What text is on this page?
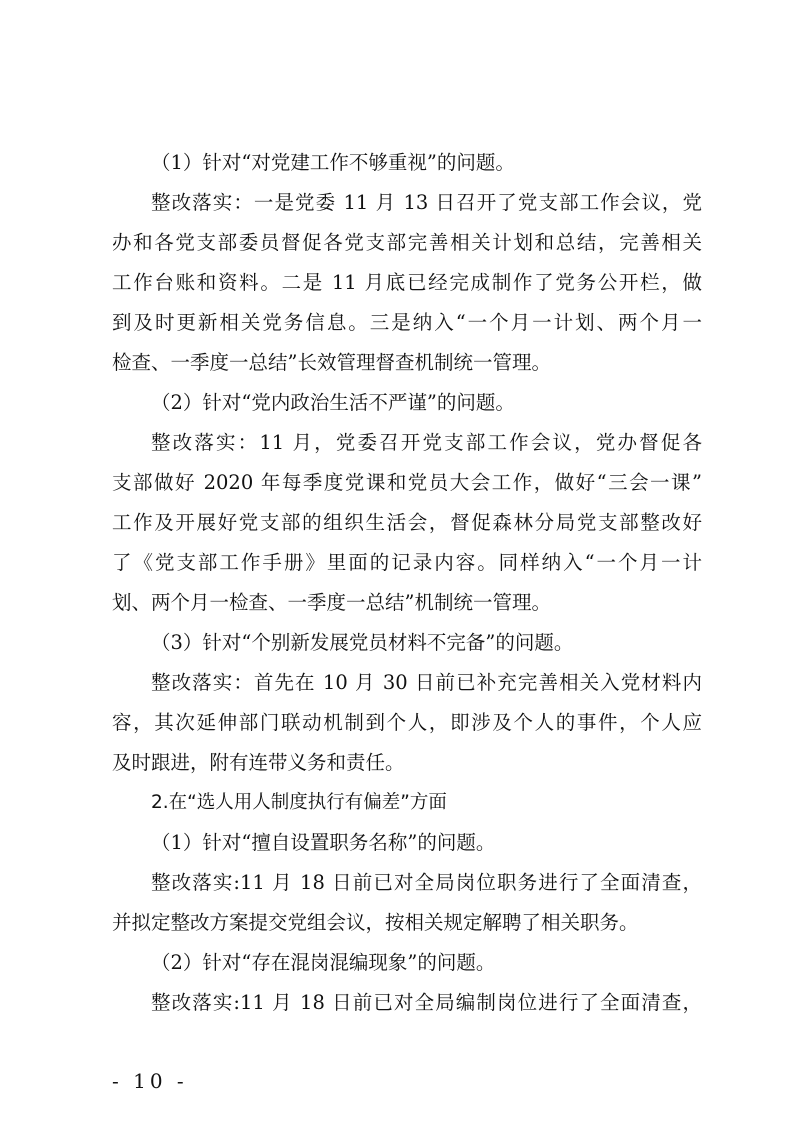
（1）针对“对党建工作不够重视”的问题。
整改落实：一是党委 11 月 13 日召开了党支部工作会议，党
办和各党支部委员督促各党支部完善相关计划和总结，完善相关
工作台账和资料。二是 11 月底已经完成制作了党务公开栏，做
到及时更新相关党务信息。三是纳入“一个月一计划、两个月一
检查、一季度一总结”长效管理督查机制统一管理。
（2）针对“党内政治生活不严谨”的问题。
整改落实：11 月，党委召开党支部工作会议，党办督促各
支部做好 2020 年每季度党课和党员大会工作，做好“三会一课”
工作及开展好党支部的组织生活会，督促森林分局党支部整改好
了《党支部工作手册》里面的记录内容。同样纳入“一个月一计
划、两个月一检查、一季度一总结”机制统一管理。
（3）针对“个别新发展党员材料不完备”的问题。
整改落实：首先在 10 月 30 日前已补充完善相关入党材料内
容，其次延伸部门联动机制到个人，即涉及个人的事件，个人应
及时跟进，附有连带义务和责任。
2.在“选人用人制度执行有偏差”方面
（1）针对“擅自设置职务名称”的问题。
整改落实:11 月 18 日前已对全局岗位职务进行了全面清查，
并拟定整改方案提交党组会议，按相关规定解聘了相关职务。
（2）针对“存在混岗混编现象”的问题。
整改落实:11 月 18 日前已对全局编制岗位进行了全面清查，
- 10 -
